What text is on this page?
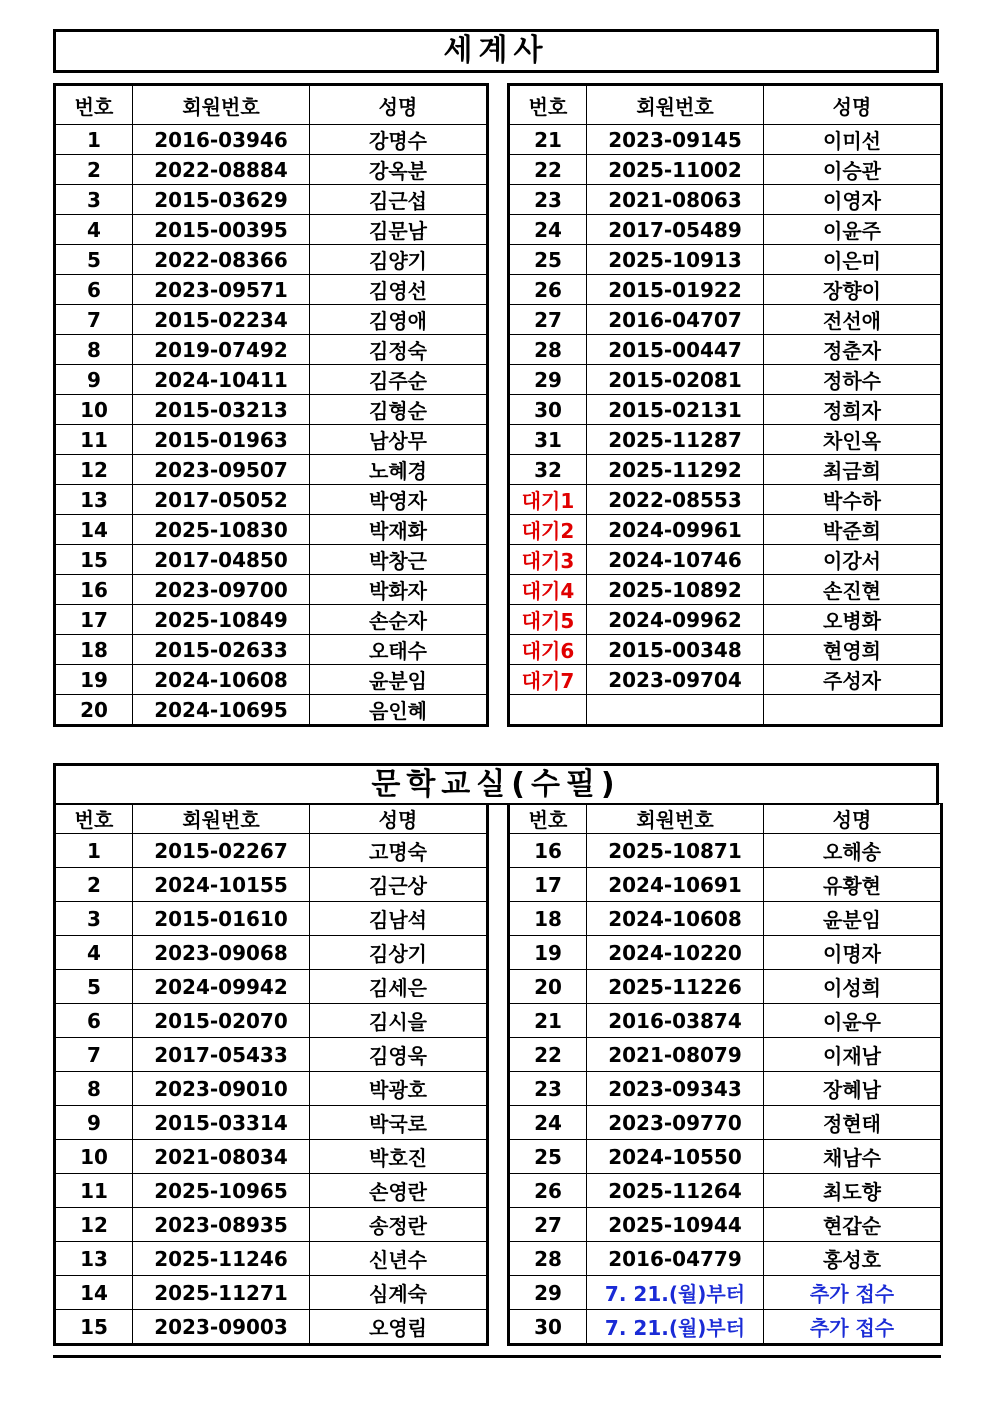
세계사
번호	회원번호	성명
1	2016-03946	강명수
2	2022-08884	강옥분
3	2015-03629	김근섭
4	2015-00395	김문남
5	2022-08366	김양기
6	2023-09571	김영선
7	2015-02234	김영애
8	2019-07492	김정숙
9	2024-10411	김주순
10	2015-03213	김형순
11	2015-01963	남상무
12	2023-09507	노혜경
13	2017-05052	박영자
14	2025-10830	박재화
15	2017-04850	박창근
16	2023-09700	박화자
17	2025-10849	손순자
18	2015-02633	오태수
19	2024-10608	윤분임
20	2024-10695	음인혜
번호	회원번호	성명
21	2023-09145	이미선
22	2025-11002	이승관
23	2021-08063	이영자
24	2017-05489	이윤주
25	2025-10913	이은미
26	2015-01922	장향이
27	2016-04707	전선애
28	2015-00447	정춘자
29	2015-02081	정하수
30	2015-02131	정희자
31	2025-11287	차인옥
32	2025-11292	최금희
대기1	2022-08553	박수하
대기2	2024-09961	박준희
대기3	2024-10746	이강서
대기4	2025-10892	손진현
대기5	2024-09962	오병화
대기6	2015-00348	현영희
대기7	2023-09704	주성자

문학교실(수필)
번호	회원번호	성명
1	2015-02267	고명숙
2	2024-10155	김근상
3	2015-01610	김남석
4	2023-09068	김상기
5	2024-09942	김세은
6	2015-02070	김시을
7	2017-05433	김영욱
8	2023-09010	박광호
9	2015-03314	박국로
10	2021-08034	박호진
11	2025-10965	손영란
12	2023-08935	송정란
13	2025-11246	신년수
14	2025-11271	심계숙
15	2023-09003	오영림
번호	회원번호	성명
16	2025-10871	오해송
17	2024-10691	유황현
18	2024-10608	윤분임
19	2024-10220	이명자
20	2025-11226	이성희
21	2016-03874	이윤우
22	2021-08079	이재남
23	2023-09343	장혜남
24	2023-09770	정현태
25	2024-10550	채남수
26	2025-11264	최도향
27	2025-10944	현갑순
28	2016-04779	홍성호
29	7. 21.(월)부터	추가 접수
30	7. 21.(월)부터	추가 접수
